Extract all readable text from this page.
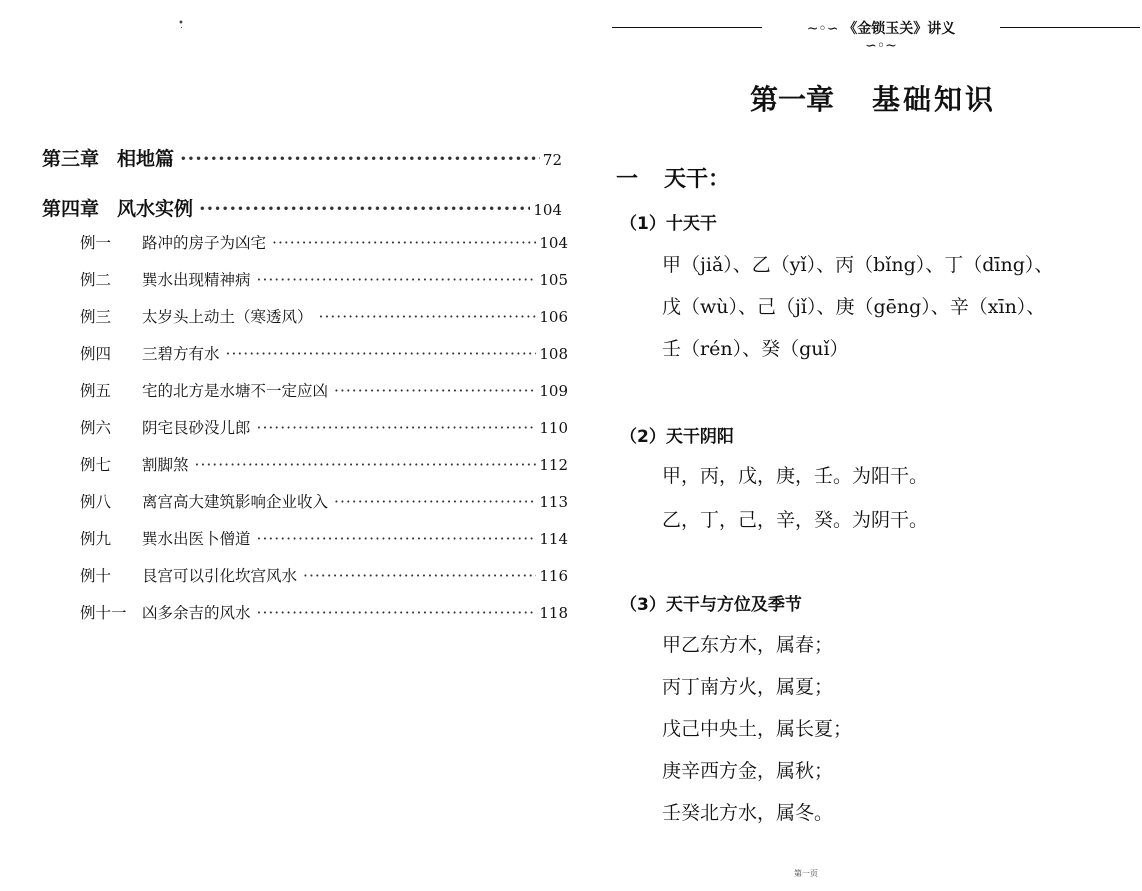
•̣
第三章 相地篇 ·····	72
第四章 风水实例 ·····	104
例一	路冲的房子为凶宅 ·····	104
例二	巽水出现精神病 ·····	105
例三	太岁头上动土（寒透风） ·····	106
例四	三碧方有水 ·····	108
例五	宅的北方是水塘不一定应凶 ·····	109
例六	阴宅艮砂没儿郎 ·····	110
例七	割脚煞 ·····	112
例八	离宫高大建筑影响企业收入 ·····	113
例九	巽水出医卜僧道 ·····	114
例十	艮宫可以引化坎宫风水 ·····	116
例十一 凶多余吉的风水 ·····	118
~◦∽ 《金锁玉关》讲义 ∽◦~
第一章 基础知识
一 天干：
（1）十天干
甲（jiǎ）、乙（yǐ）、丙（bǐng）、丁（dīng）、
戊（wù）、己（jǐ）、庚（gēng）、辛（xīn）、
壬（rén）、癸（guǐ）
（2）天干阴阳
甲，丙，戊，庚，壬。为阳干。
乙，丁，己，辛，癸。为阴干。
（3）天干与方位及季节
甲乙东方木，属春；
丙丁南方火，属夏；
戊己中央土，属长夏；
庚辛西方金，属秋；
壬癸北方水，属冬。
第一页
